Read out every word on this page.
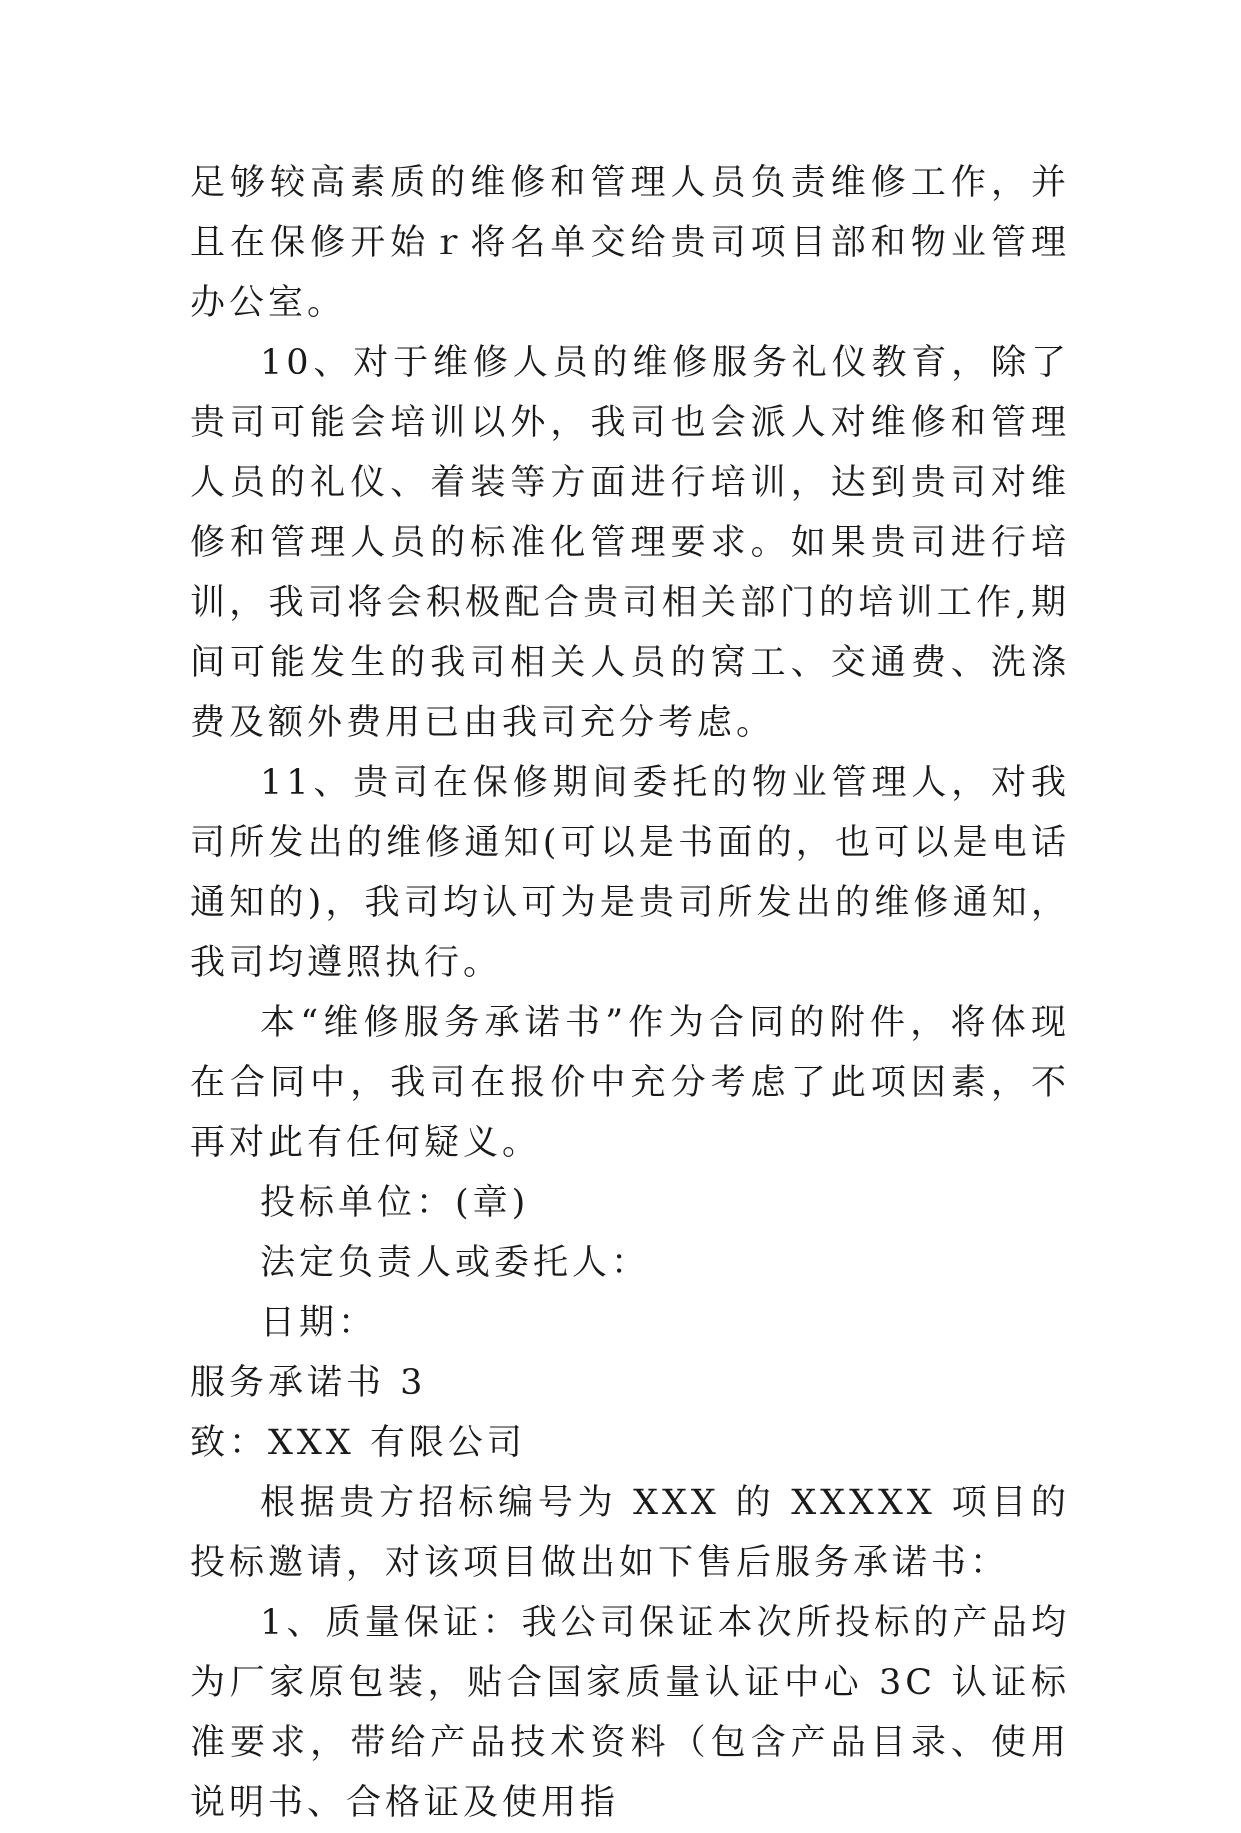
足够较高素质的维修和管理人员负责维修工作，并且在保修开始ｒ将名单交给贵司项目部和物业管理办公室。

10、对于维修人员的维修服务礼仪教育，除了贵司可能会培训以外，我司也会派人对维修和管理人员的礼仪、着装等方面进行培训，达到贵司对维修和管理人员的标准化管理要求。如果贵司进行培训，我司将会积极配合贵司相关部门的培训工作,期间可能发生的我司相关人员的窝工、交通费、洗涤费及额外费用已由我司充分考虑。

11、贵司在保修期间委托的物业管理人，对我司所发出的维修通知(可以是书面的，也可以是电话通知的)，我司均认可为是贵司所发出的维修通知，我司均遵照执行。

本“维修服务承诺书”作为合同的附件，将体现在合同中，我司在报价中充分考虑了此项因素，不再对此有任何疑义。

投标单位：(章)

法定负责人或委托人：

日期：

服务承诺书 3

致：XXX 有限公司

根据贵方招标编号为 XXX 的 XXXXX 项目的投标邀请，对该项目做出如下售后服务承诺书：

1、质量保证：我公司保证本次所投标的产品均为厂家原包装，贴合国家质量认证中心 3C 认证标准要求，带给产品技术资料（包含产品目录、使用说明书、合格证及使用指
